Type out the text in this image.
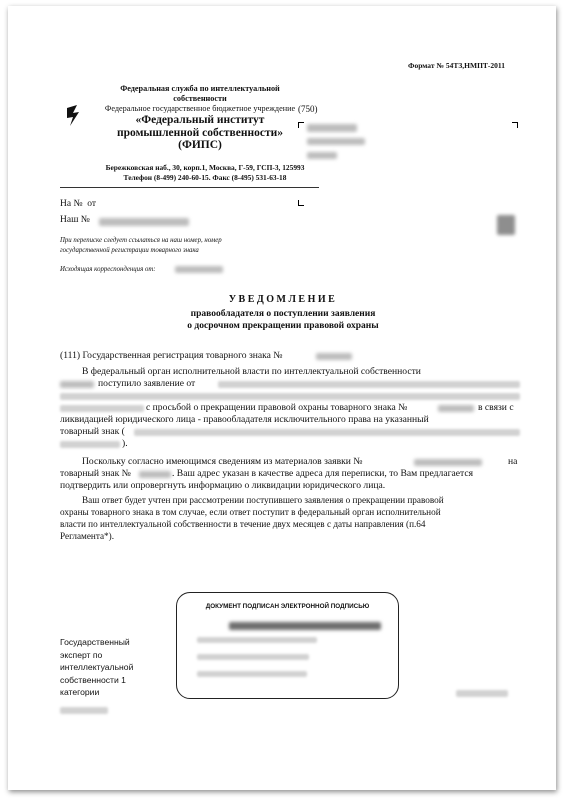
Формат № 54ТЗ,НМПТ-2011
Федеральная служба по интеллектуальной собственности
Федеральное государственное бюджетное учреждение
«Федеральный институт промышленной собственности» (ФИПС)
Бережковская наб., 30, корп.1, Москва, Г-59, ГСП-3, 125993
Телефон (8-499) 240-60-15. Факс (8-495) 531-63-18
(750)
На № от
Наш №
При переписке следует ссылаться на наш номер, номер государственной регистрации товарного знака
Исходящая корреспонденция от:
УВЕДОМЛЕНИЕ
правообладателя о поступлении заявления
о досрочном прекращении правовой охраны
(111) Государственная регистрация товарного знака №
В федеральный орган исполнительной власти по интеллектуальной собственности
поступило заявление от
с просьбой о прекращении правовой охраны товарного знака №	в связи с
ликвидацией юридического лица - правообладателя исключительного права на указанный
товарный знак (
).
Поскольку согласно имеющимся сведениям из материалов заявки №	на
товарный знак №	. Ваш адрес указан в качестве адреса для переписки, то Вам предлагается
подтвердить или опровергнуть информацию о ликвидации юридического лица.
Ваш ответ будет учтен при рассмотрении поступившего заявления о прекращении правовой
охраны товарного знака в том случае, если ответ поступит в федеральный орган исполнительной
власти по интеллектуальной собственности в течение двух месяцев с даты направления (п.64
Регламента*).
ДОКУМЕНТ ПОДПИСАН ЭЛЕКТРОННОЙ ПОДПИСЬЮ
Государственный
эксперт по
интеллектуальной
собственности 1
категории
